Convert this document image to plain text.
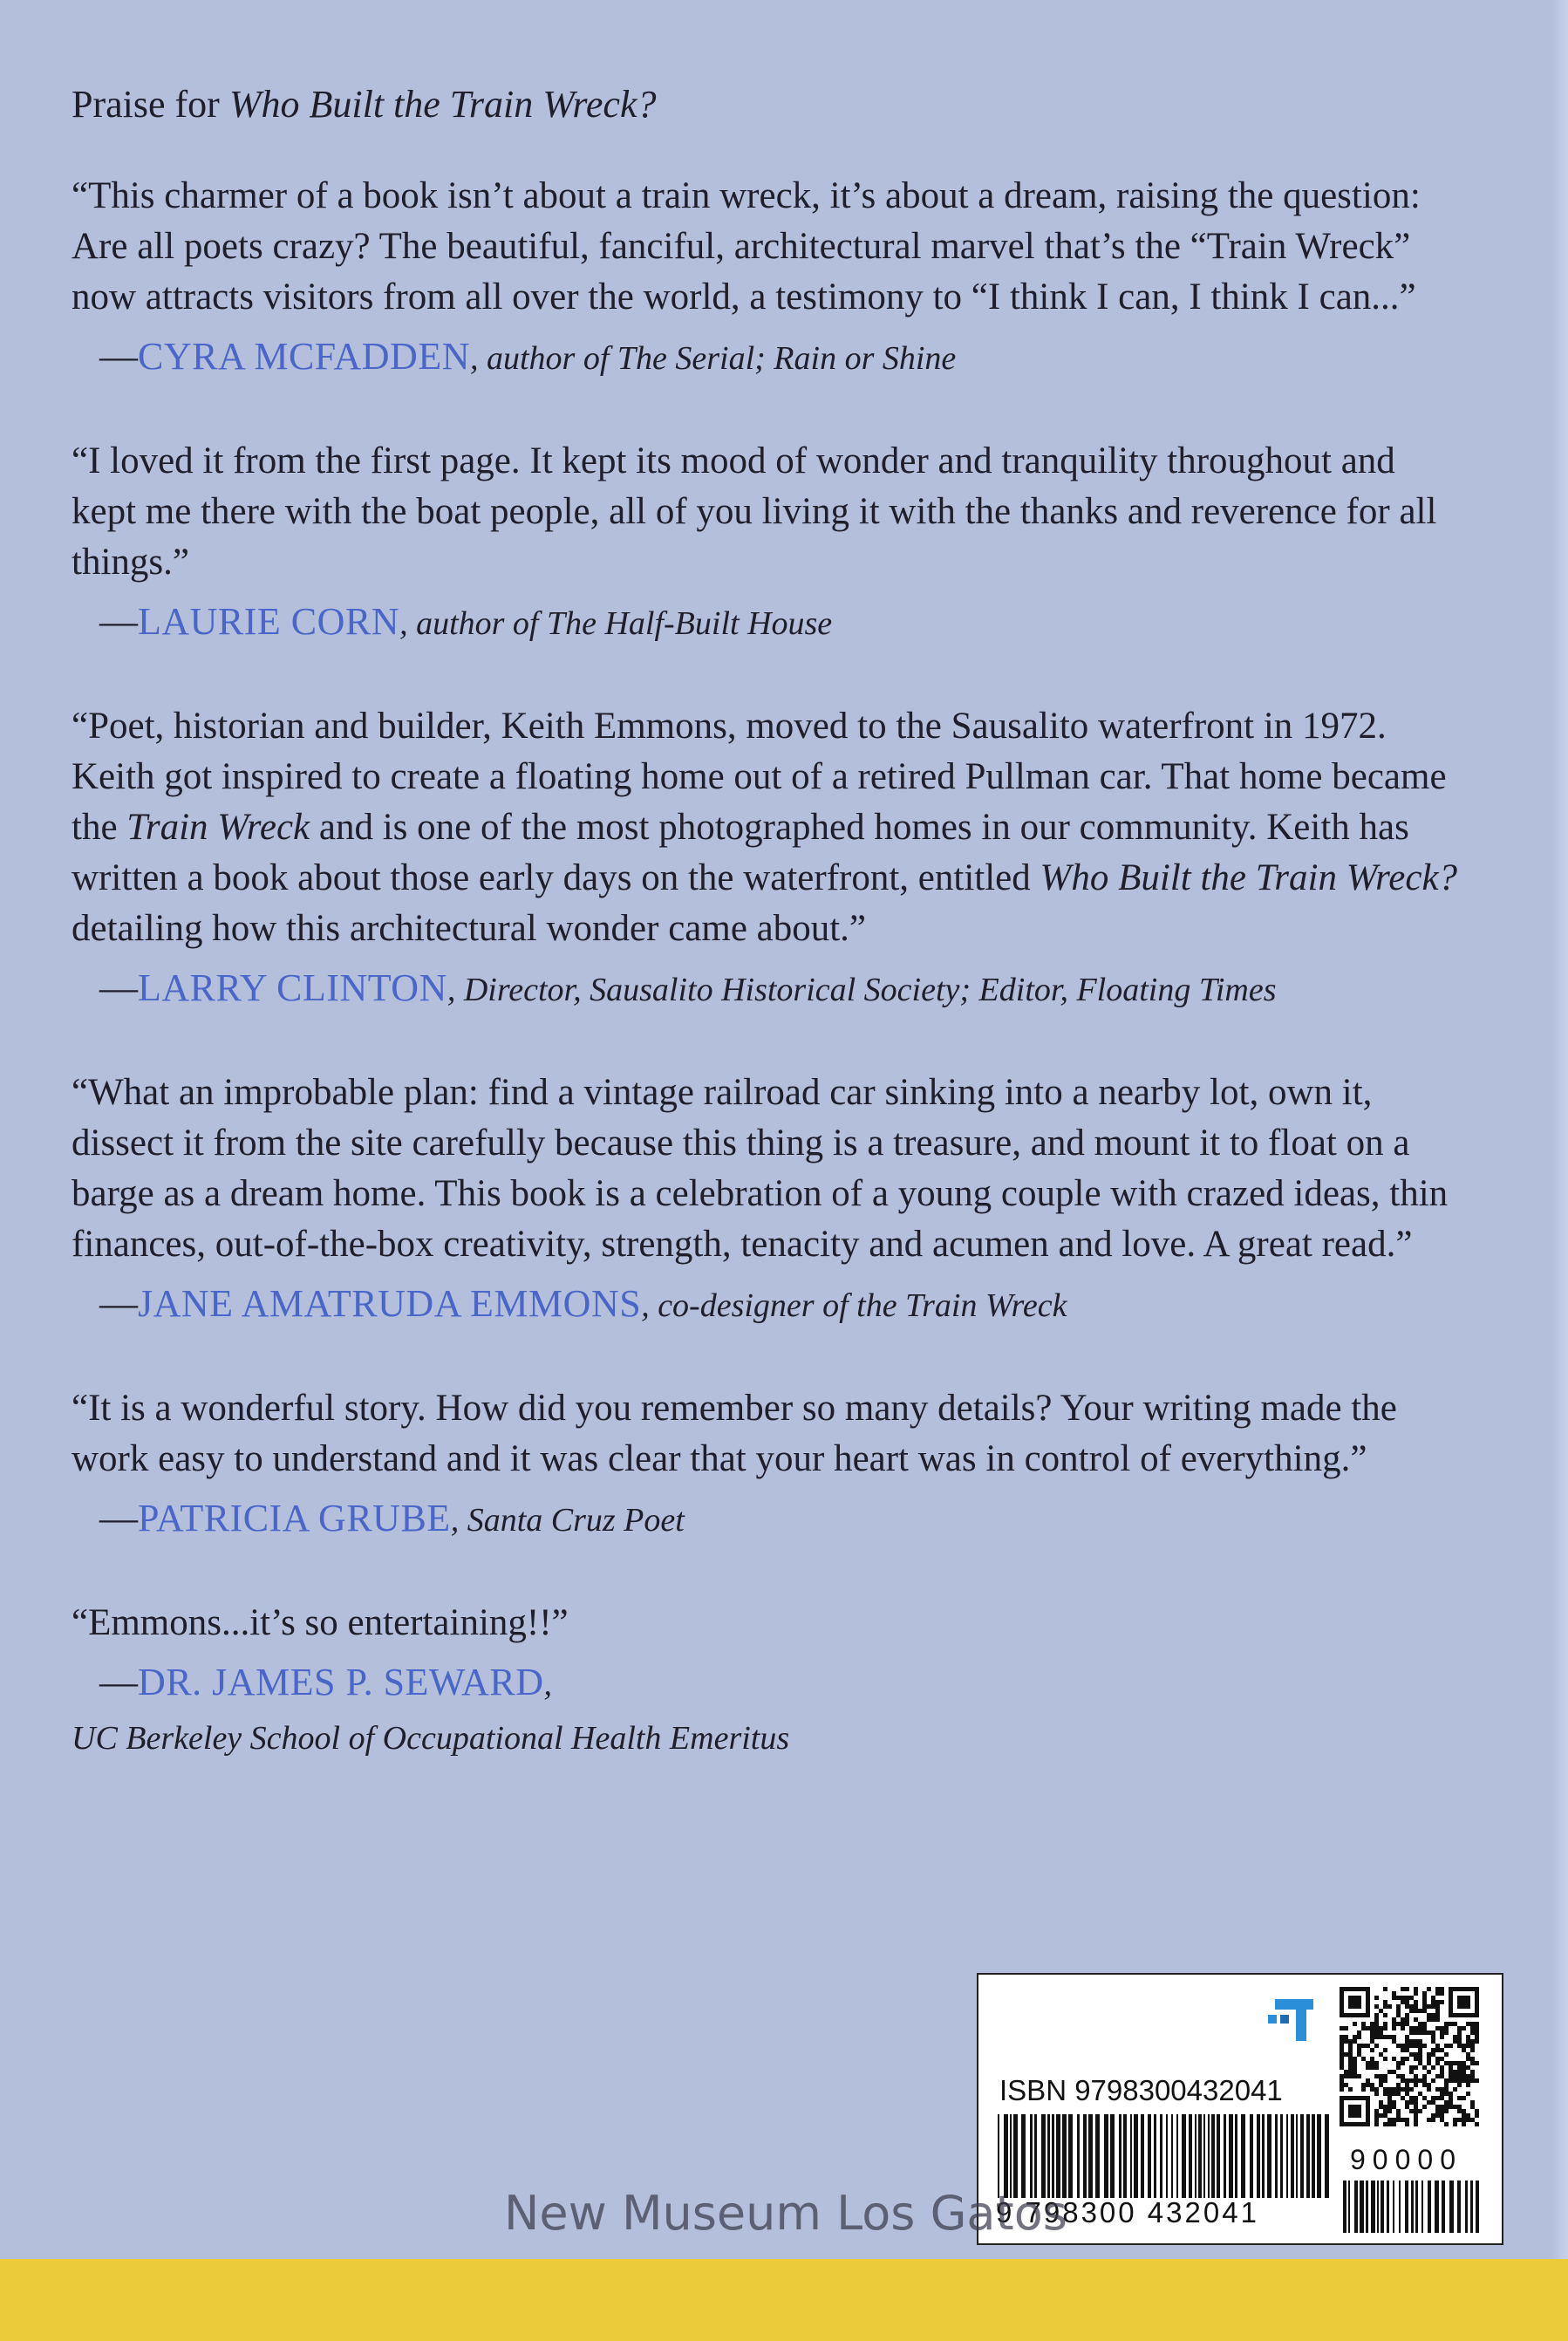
Praise for Who Built the Train Wreck?

“This charmer of a book isn’t about a train wreck, it’s about a dream, raising the question: Are all poets crazy? The beautiful, fanciful, architectural marvel that’s the “Train Wreck” now attracts visitors from all over the world, a testimony to “I think I can, I think I can...”

—CYRA MCFADDEN, author of The Serial; Rain or Shine

“I loved it from the first page. It kept its mood of wonder and tranquility throughout and kept me there with the boat people, all of you living it with the thanks and reverence for all things.”

—LAURIE CORN, author of The Half-Built House

“Poet, historian and builder, Keith Emmons, moved to the Sausalito waterfront in 1972. Keith got inspired to create a floating home out of a retired Pullman car. That home became the Train Wreck and is one of the most photographed homes in our community. Keith has written a book about those early days on the waterfront, entitled Who Built the Train Wreck? detailing how this architectural wonder came about.”

—LARRY CLINTON, Director, Sausalito Historical Society; Editor, Floating Times

“What an improbable plan: find a vintage railroad car sinking into a nearby lot, own it, dissect it from the site carefully because this thing is a treasure, and mount it to float on a barge as a dream home. This book is a celebration of a young couple with crazed ideas, thin finances, out-of-the-box creativity, strength, tenacity and acumen and love. A great read.”

—JANE AMATRUDA EMMONS, co-designer of the Train Wreck

“It is a wonderful story. How did you remember so many details? Your writing made the work easy to understand and it was clear that your heart was in control of everything.”

—PATRICIA GRUBE, Santa Cruz Poet

“Emmons...it’s so entertaining!!”

—DR. JAMES P. SEWARD,

UC Berkeley School of Occupational Health Emeritus

ISBN 9798300432041
90000
9 798300 432041
New Museum Los Gatos
